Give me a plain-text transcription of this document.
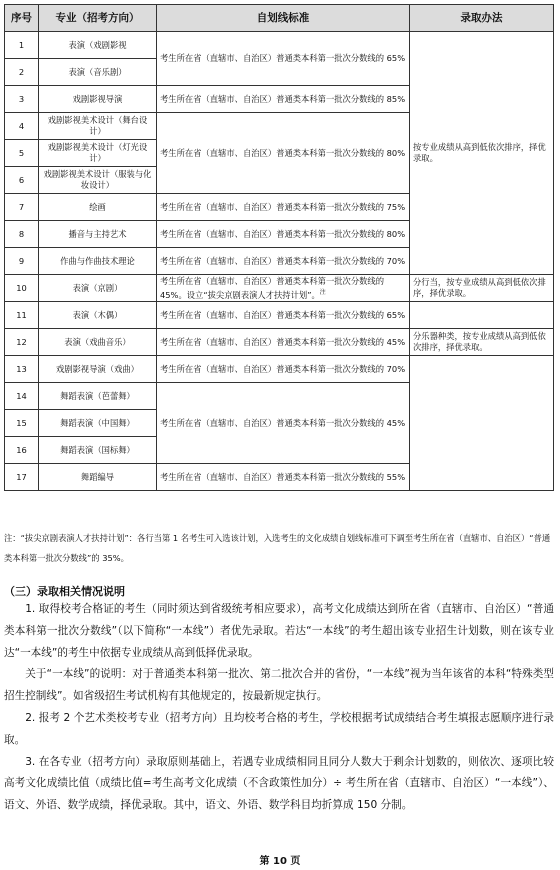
序号	专业（招考方向）	自划线标准	录取办法
1	表演（戏剧影视	考生所在省（直辖市、自治区）普通类本科第一批次分数线的 65%	按专业成绩从高到低依次排序，择优录取。
2	表演（音乐剧）		
3	戏剧影视导演	考生所在省（直辖市、自治区）普通类本科第一批次分数线的 85%	
4	戏剧影视美术设计（舞台设计）	考生所在省（直辖市、自治区）普通类本科第一批次分数线的 80%	
5	戏剧影视美术设计（灯光设计）		
6	戏剧影视美术设计（服装与化妆设计）		
7	绘画	考生所在省（直辖市、自治区）普通类本科第一批次分数线的 75%	
8	播音与主持艺术	考生所在省（直辖市、自治区）普通类本科第一批次分数线的 80%	
9	作曲与作曲技术理论	考生所在省（直辖市、自治区）普通类本科第一批次分数线的 70%	
10	表演（京剧）	考生所在省（直辖市、自治区）普通类本科第一批次分数线的 45%。设立“拔尖京剧表演人才扶持计划”。$^注$	分行当，按专业成绩从高到低依次排序，择优录取。
11	表演（木偶）	考生所在省（直辖市、自治区）普通类本科第一批次分数线的 65%	
12	表演（戏曲音乐）	考生所在省（直辖市、自治区）普通类本科第一批次分数线的 45%	分乐器种类，按专业成绩从高到低依次排序，择优录取。
13	戏剧影视导演（戏曲）	考生所在省（直辖市、自治区）普通类本科第一批次分数线的 70%	
14	舞蹈表演（芭蕾舞）	考生所在省（直辖市、自治区）普通类本科第一批次分数线的 45%	
15	舞蹈表演（中国舞）		
16	舞蹈表演（国标舞）		
17	舞蹈编导	考生所在省（直辖市、自治区）普通类本科第一批次分数线的 55%	
注：“拔尖京剧表演人才扶持计划”：各行当第 1 名考生可入选该计划，入选考生的文化成绩自划线标准可下调至考生所在省（直辖市、自治区）“普通类本科第一批次分数线”的 35%。
（三）录取相关情况说明

1. 取得校考合格证的考生（同时须达到省级统考相应要求），高考文化成绩达到所在省（直辖市、自治区）“普通类本科第一批次分数线”（以下简称“一本线”）者优先录取。若达“一本线”的考生超出该专业招生计划数，则在该专业达“一本线”的考生中依据专业成绩从高到低择优录取。

关于“一本线”的说明：对于普通类本科第一批次、第二批次合并的省份，“一本线”视为当年该省的本科“特殊类型招生控制线”。如省级招生考试机构有其他规定的，按最新规定执行。

2. 报考 2 个艺术类校考专业（招考方向）且均校考合格的考生，学校根据考试成绩结合考生填报志愿顺序进行录取。

3. 在各专业（招考方向）录取原则基础上，若遇专业成绩相同且同分人数大于剩余计划数的，则依次、逐项比较高考文化成绩比值（成绩比值=考生高考文化成绩（不含政策性加分）÷ 考生所在省（直辖市、自治区）“一本线”）、语文、外语、数学成绩，择优录取。其中，语文、外语、数学科目均折算成 150 分制。

第 10 页
